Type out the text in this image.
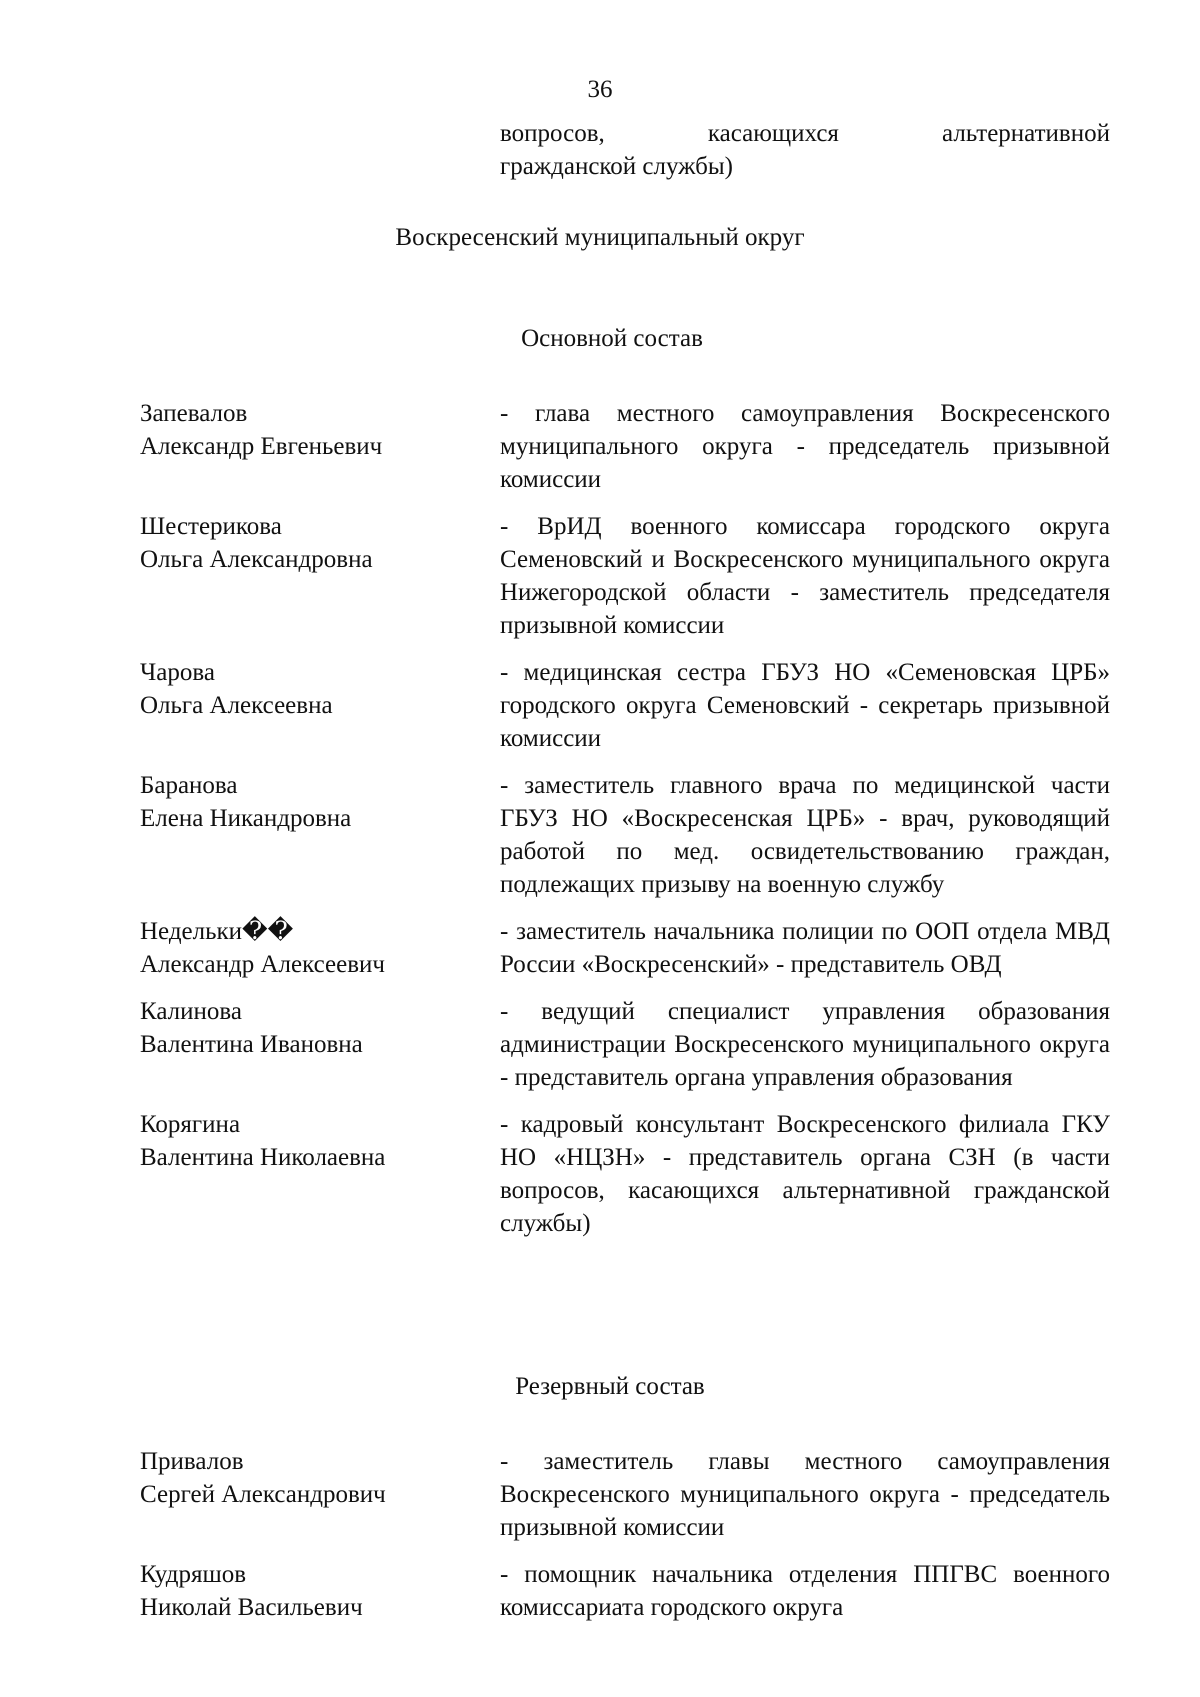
36
вопросов, касающихся альтернативной
гражданской службы)
Воскресенский муниципальный округ
Основной состав
Запевалов
Александр Евгеньевич
- глава местного самоуправления Воскресенского муниципального округа - председатель призывной комиссии
Шестерикова
Ольга Александровна
- ВрИД военного комиссара городского округа Семеновский и Воскресенского муниципального округа Нижегородской области - заместитель председателя призывной комиссии
Чарова
Ольга Алексеевна
- медицинская сестра ГБУЗ НО «Семеновская ЦРБ» городского округа Семеновский - секретарь призывной комиссии
Баранова
Елена Никандровна
- заместитель главного врача по медицинской части ГБУЗ НО «Воскресенская ЦРБ» - врач, руководящий работой по мед. освидетельствованию граждан, подлежащих призыву на военную службу
Недельки��
Александр Алексеевич
- заместитель начальника полиции по ООП отдела МВД России «Воскресенский» - представитель ОВД
Калинова
Валентина Ивановна
- ведущий специалист управления образования администрации Воскресенского муниципального округа - представитель органа управления образования
Корягина
Валентина Николаевна
- кадровый консультант Воскресенского филиала ГКУ НО «НЦЗН» - представитель органа СЗН (в части вопросов, касающихся альтернативной гражданской службы)
Резервный состав
Привалов
Сергей Александрович
- заместитель главы местного самоуправления Воскресенского муниципального округа - председатель призывной комиссии
Кудряшов
Николай Васильевич
- помощник начальника отделения ППГВС военного комиссариата городского округа
